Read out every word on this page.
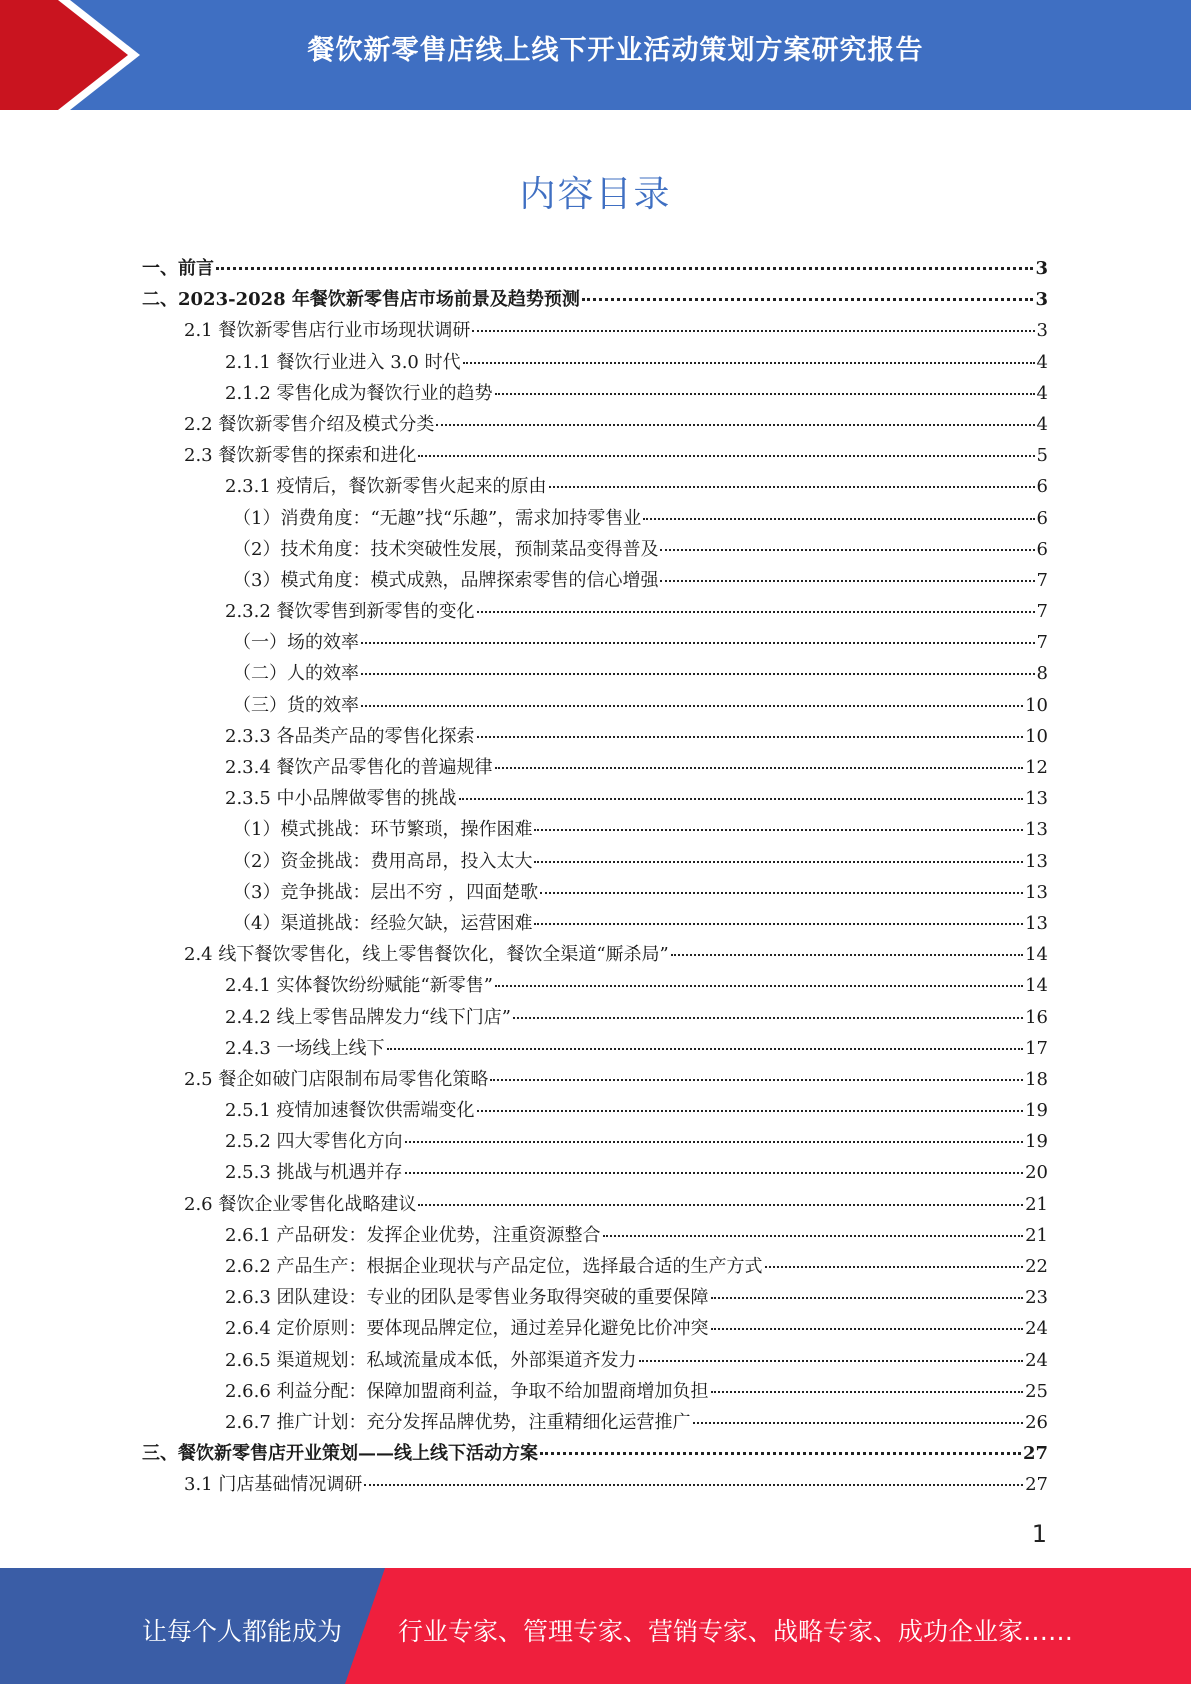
餐饮新零售店线上线下开业活动策划方案研究报告
内容目录
一、前言	3
二、2023-2028 年餐饮新零售店市场前景及趋势预测	3
2.1 餐饮新零售店行业市场现状调研	3
2.1.1 餐饮行业进入 3.0 时代	4
2.1.2 零售化成为餐饮行业的趋势	4
2.2 餐饮新零售介绍及模式分类	4
2.3 餐饮新零售的探索和进化	5
2.3.1 疫情后，餐饮新零售火起来的原由	6
（1）消费角度：“无趣”找“乐趣”，需求加持零售业	6
（2）技术角度：技术突破性发展，预制菜品变得普及	6
（3）模式角度：模式成熟，品牌探索零售的信心增强	7
2.3.2 餐饮零售到新零售的变化	7
（一）场的效率	7
（二）人的效率	8
（三）货的效率	10
2.3.3 各品类产品的零售化探索	10
2.3.4 餐饮产品零售化的普遍规律	12
2.3.5 中小品牌做零售的挑战	13
（1）模式挑战：环节繁琐，操作困难	13
（2）资金挑战：费用高昂，投入太大	13
（3）竞争挑战：层出不穷 ，四面楚歌	13
（4）渠道挑战：经验欠缺，运营困难	13
2.4 线下餐饮零售化，线上零售餐饮化，餐饮全渠道“厮杀局”	14
2.4.1 实体餐饮纷纷赋能“新零售”	14
2.4.2 线上零售品牌发力“线下门店”	16
2.4.3 一场线上线下	17
2.5 餐企如破门店限制布局零售化策略	18
2.5.1 疫情加速餐饮供需端变化	19
2.5.2 四大零售化方向	19
2.5.3 挑战与机遇并存	20
2.6 餐饮企业零售化战略建议	21
2.6.1 产品研发：发挥企业优势，注重资源整合	21
2.6.2 产品生产：根据企业现状与产品定位，选择最合适的生产方式	22
2.6.3 团队建设：专业的团队是零售业务取得突破的重要保障	23
2.6.4 定价原则：要体现品牌定位，通过差异化避免比价冲突	24
2.6.5 渠道规划：私域流量成本低，外部渠道齐发力	24
2.6.6 利益分配：保障加盟商利益，争取不给加盟商增加负担	25
2.6.7 推广计划：充分发挥品牌优势，注重精细化运营推广	26
三、餐饮新零售店开业策划——线上线下活动方案	27
3.1 门店基础情况调研	27
1
让每个人都能成为 行业专家、管理专家、营销专家、战略专家、成功企业家……
